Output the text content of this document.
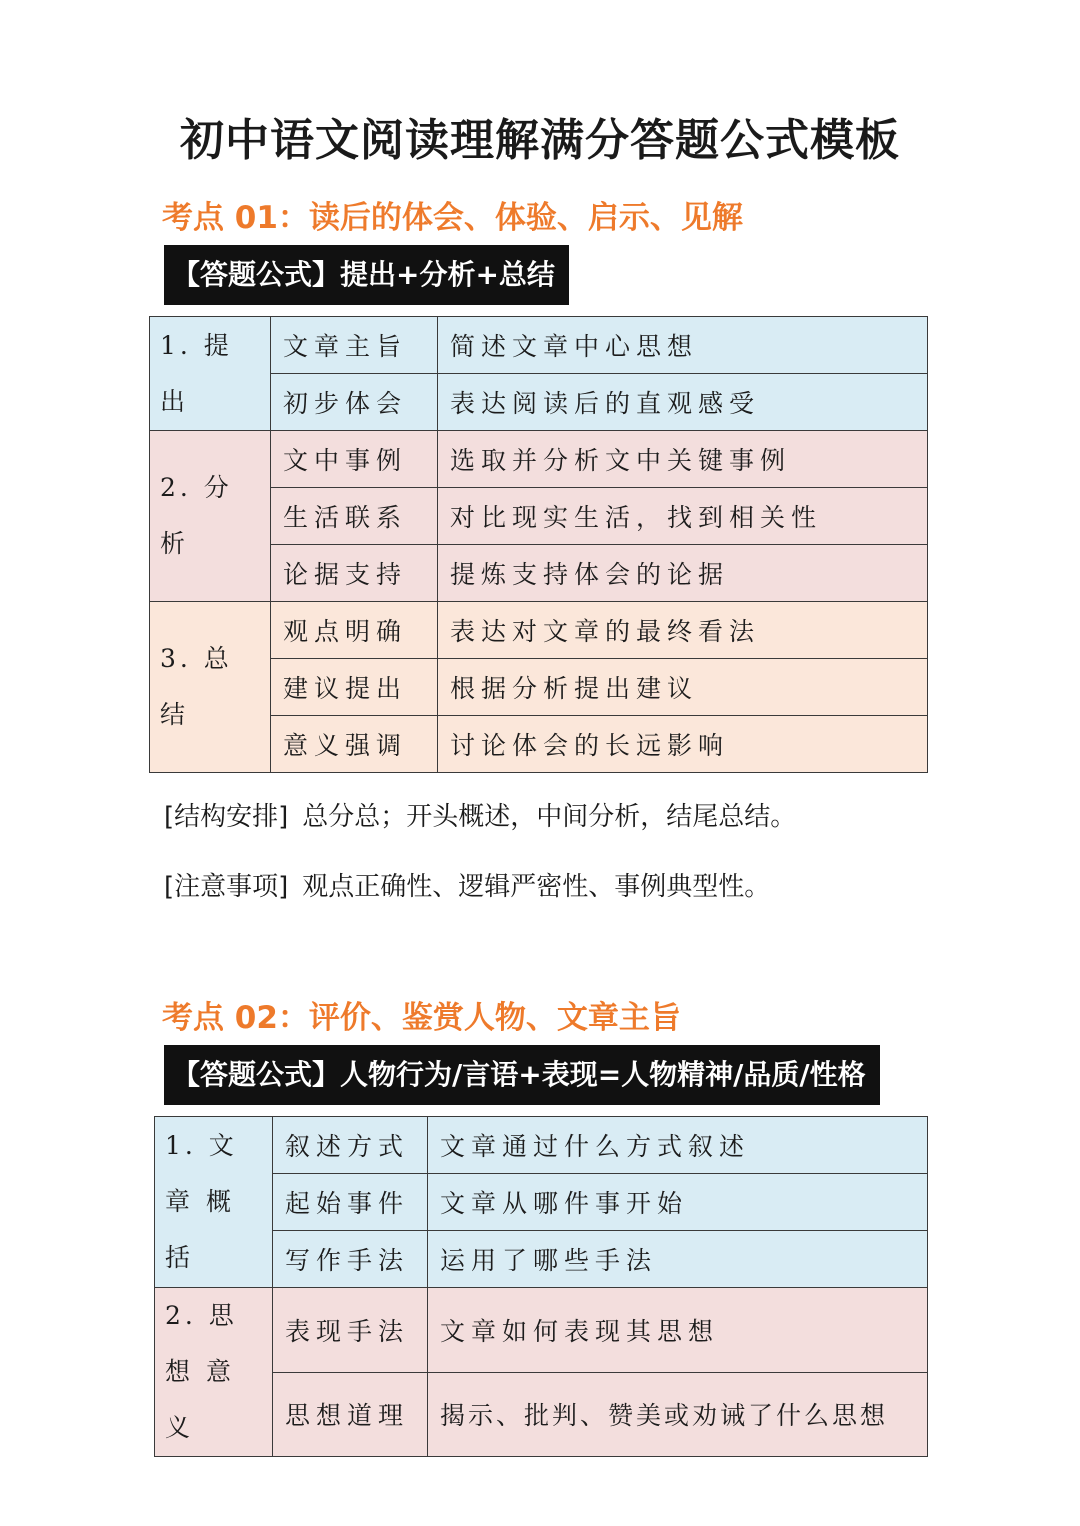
初中语文阅读理解满分答题公式模板
考点 01：读后的体会、体验、启示、见解
【答题公式】提出+分析+总结
1. 提出	文章主旨	简述文章中心思想
	初步体会	表达阅读后的直观感受
2. 分析	文中事例	选取并分析文中关键事例
	生活联系	对比现实生活，找到相关性
	论据支持	提炼支持体会的论据
3. 总结	观点明确	表达对文章的最终看法
	建议提出	根据分析提出建议
	意义强调	讨论体会的长远影响
[结构安排] 总分总；开头概述，中间分析，结尾总结。
[注意事项] 观点正确性、逻辑严密性、事例典型性。
考点 02：评价、鉴赏人物、文章主旨
【答题公式】人物行为/言语+表现=人物精神/品质/性格
1. 文 章 概括	叙述方式	文章通过什么方式叙述
	起始事件	文章从哪件事开始
	写作手法	运用了哪些手法
2. 思 想 意义	表现手法	文章如何表现其思想
	思想道理	揭示、批判、赞美或劝诫了什么思想
